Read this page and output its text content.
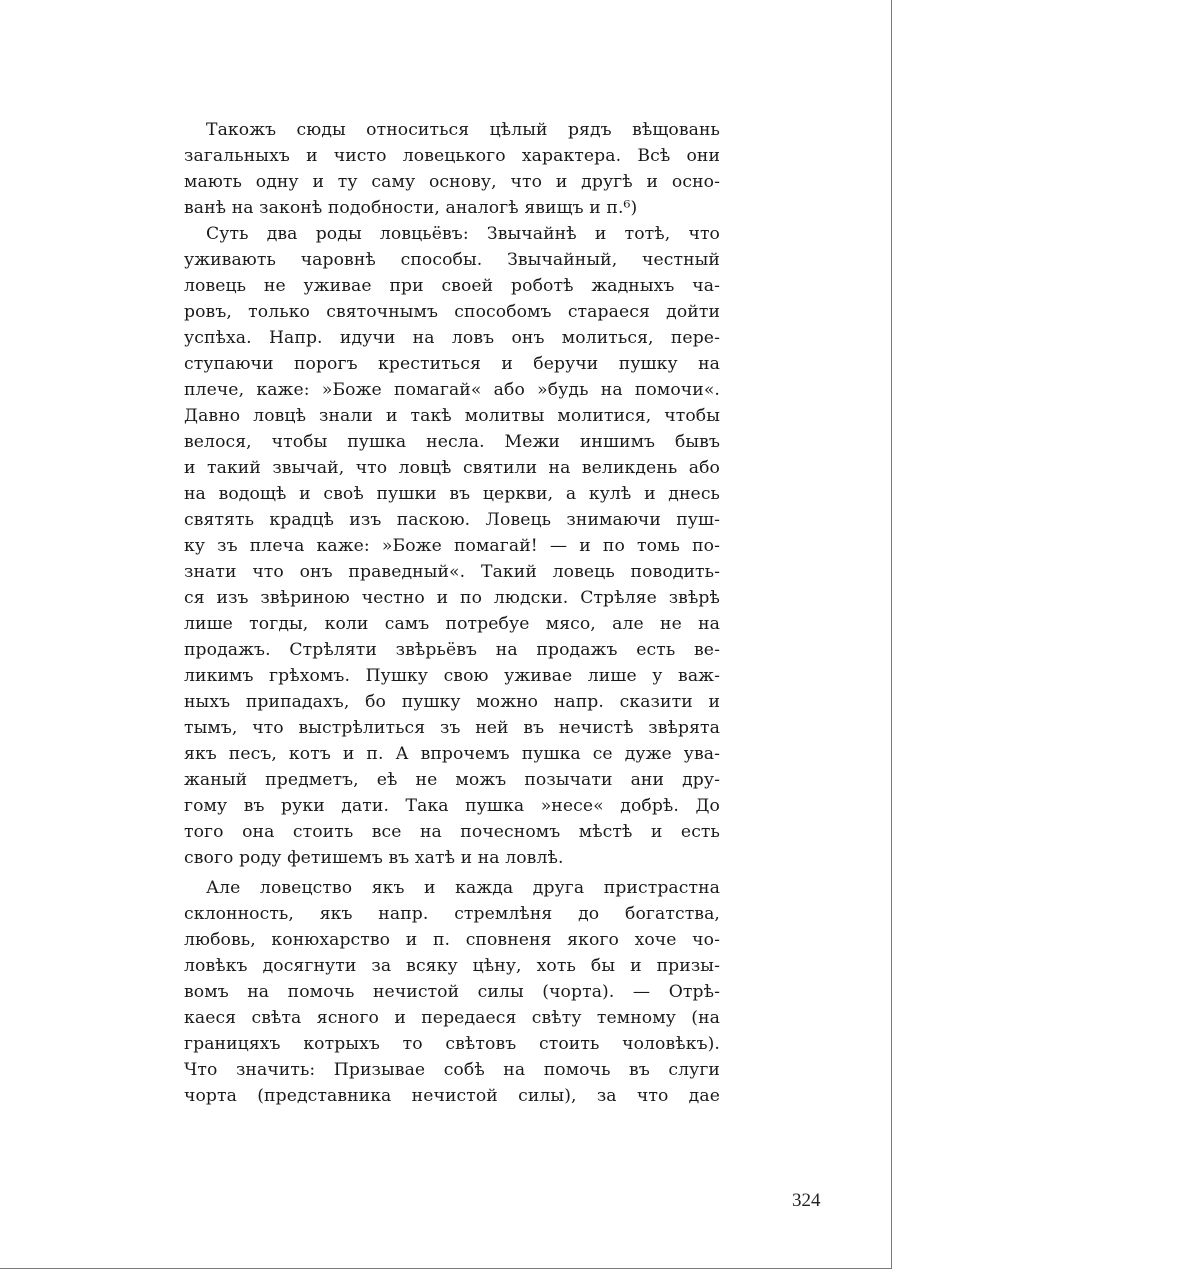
Такожъ сюды относиться цѣлый рядъ вѣщовань
загальныхъ и чисто ловецького характера. Всѣ они
мають одну и ту саму основу, что и другѣ и осно-
ванѣ на законѣ подобности, аналогѣ явищъ и п.⁶)
Суть два роды ловцьёвъ: Звычайнѣ и тотѣ, что
уживають чаровнѣ способы. Звычайный, честный
ловець не уживае при своей роботѣ жадныхъ ча-
ровъ, только святочнымъ способомъ стараеся дойти
успѣха. Напр. идучи на ловъ онъ молиться, пере-
ступаючи порогъ креститься и беручи пушку на
плече, каже: »Боже помагай« або »будь на помочи«.
Давно ловцѣ знали и такѣ молитвы молитися, чтобы
велося, чтобы пушка несла. Межи иншимъ бывъ
и такий звычай, что ловцѣ святили на великдень або
на водощѣ и своѣ пушки въ церкви, а кулѣ и днесь
святять крадцѣ изъ паскою. Ловець знимаючи пуш-
ку зъ плеча каже: »Боже помагай! — и по томь по-
знати что онъ праведный«. Такий ловець поводить-
ся изъ звѣриною честно и по людски. Стрѣляе звѣрѣ
лише тогды, коли самъ потребуе мясо, але не на
продажъ. Стрѣляти звѣрьёвъ на продажъ есть ве-
ликимъ грѣхомъ. Пушку свою уживае лише у важ-
ныхъ припадахъ, бо пушку можно напр. сказити и
тымъ, что выстрѣлиться зъ ней въ нечистѣ звѣрята
якъ песъ, котъ и п. А впрочемъ пушка се дуже ува-
жаный предметъ, еѣ не можъ позычати ани дру-
гому въ руки дати. Така пушка »несе« добрѣ. До
того она стоить все на почесномъ мѣстѣ и есть
свого роду фетишемъ въ хатѣ и на ловлѣ.
Але ловецство якъ и кажда друга пристрастна
склонность, якъ напр. стремлѣня до богатства,
любовь, конюхарство и п. сповненя якого хоче чо-
ловѣкъ досягнути за всяку цѣну, хоть бы и призы-
вомъ на помочь нечистой силы (чорта). — Отрѣ-
каеся свѣта ясного и передаеся свѣту темному (на
границяхъ котрыхъ то свѣтовъ стоить чоловѣкъ).
Что значить: Призывае собѣ на помочь въ слуги
чорта (представника нечистой силы), за что дае
324
